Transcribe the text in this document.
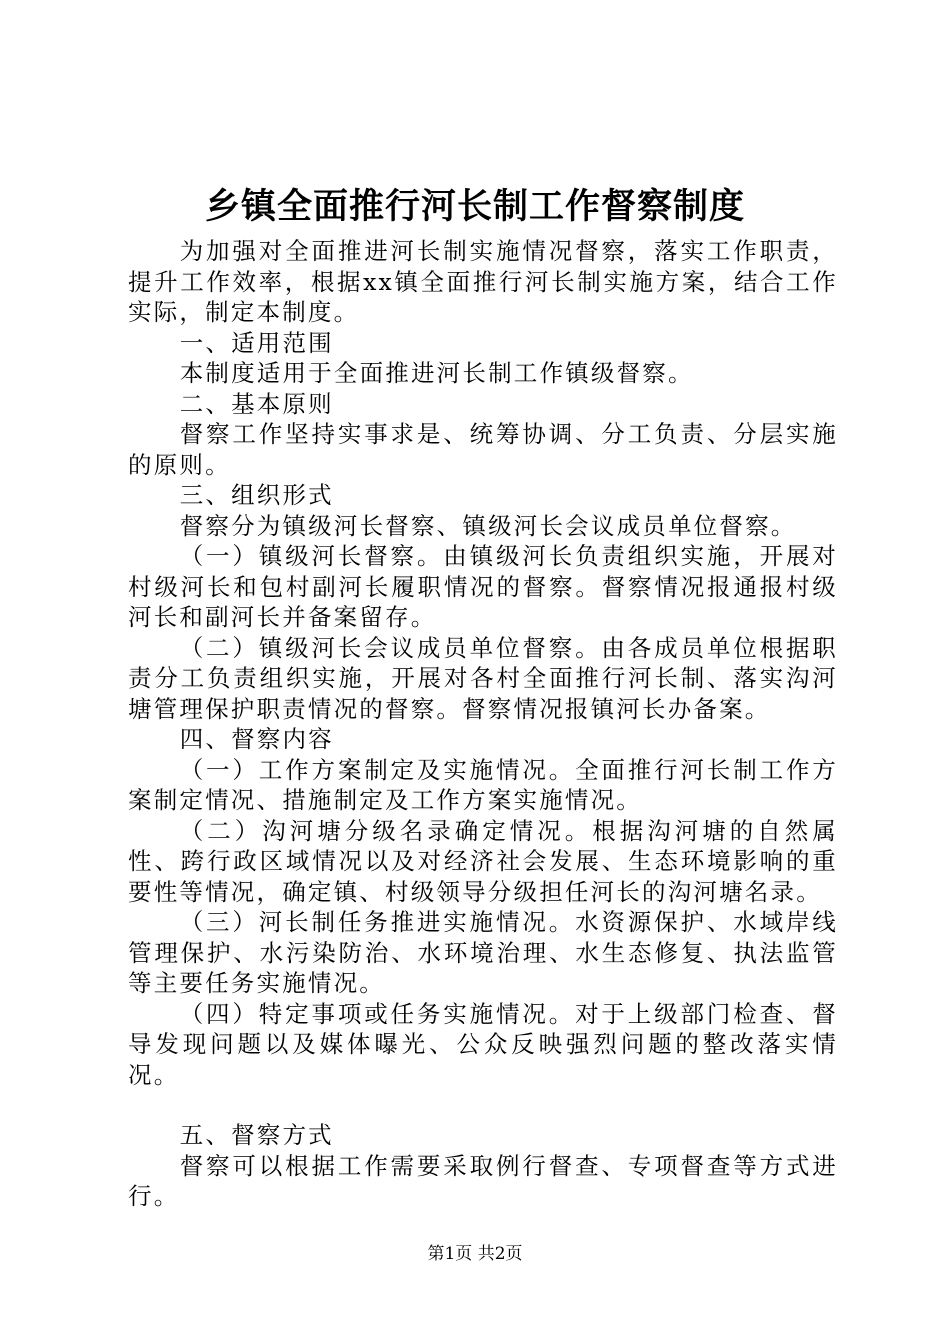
乡镇全面推行河长制工作督察制度

为加强对全面推进河长制实施情况督察，落实工作职责，提升工作效率，根据xx镇全面推行河长制实施方案，结合工作实际，制定本制度。

一、适用范围

本制度适用于全面推进河长制工作镇级督察。

二、基本原则

督察工作坚持实事求是、统筹协调、分工负责、分层实施的原则。

三、组织形式

督察分为镇级河长督察、镇级河长会议成员单位督察。

（一）镇级河长督察。由镇级河长负责组织实施，开展对村级河长和包村副河长履职情况的督察。督察情况报通报村级河长和副河长并备案留存。

（二）镇级河长会议成员单位督察。由各成员单位根据职责分工负责组织实施，开展对各村全面推行河长制、落实沟河塘管理保护职责情况的督察。督察情况报镇河长办备案。

四、督察内容

（一）工作方案制定及实施情况。全面推行河长制工作方案制定情况、措施制定及工作方案实施情况。

（二）沟河塘分级名录确定情况。根据沟河塘的自然属性、跨行政区域情况以及对经济社会发展、生态环境影响的重要性等情况，确定镇、村级领导分级担任河长的沟河塘名录。

（三）河长制任务推进实施情况。水资源保护、水域岸线管理保护、水污染防治、水环境治理、水生态修复、执法监管等主要任务实施情况。

（四）特定事项或任务实施情况。对于上级部门检查、督导发现问题以及媒体曝光、公众反映强烈问题的整改落实情况。

五、督察方式

督察可以根据工作需要采取例行督查、专项督查等方式进行。

第1页 共2页
